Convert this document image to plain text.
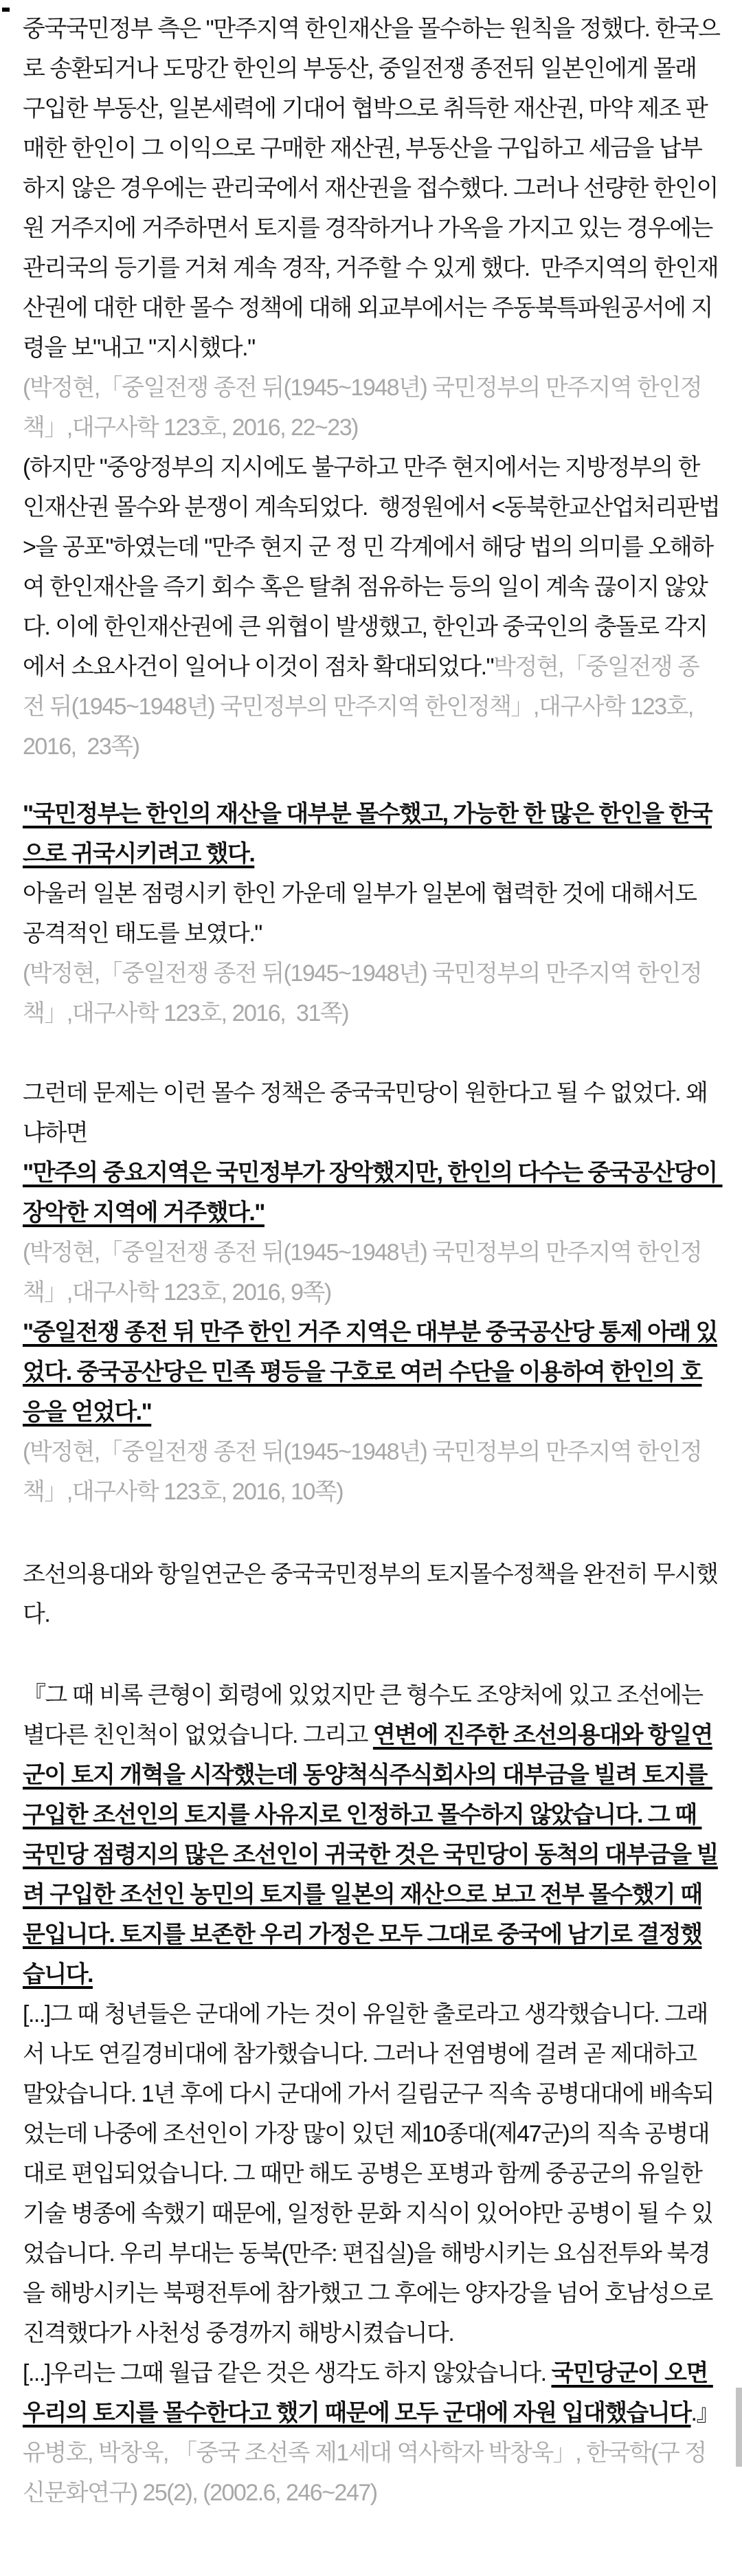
중국국민정부 측은 "만주지역 한인재산을 몰수하는 원칙을 정했다. 한국으로 송환되거나 도망간 한인의 부동산, 중일전쟁 종전뒤 일본인에게 몰래 구입한 부동산, 일본세력에 기대어 협박으로 취득한 재산권, 마약 제조 판매한 한인이 그 이익으로 구매한 재산권, 부동산을 구입하고 세금을 납부하지 않은 경우에는 관리국에서 재산권을 접수했다. 그러나 선량한 한인이 원 거주지에 거주하면서 토지를 경작하거나 가옥을 가지고 있는 경우에는 관리국의 등기를 거쳐 계속 경작, 거주할 수 있게 했다.  만주지역의 한인재산권에 대한 대한 몰수 정책에 대해 외교부에서는 주동북특파원공서에 지령을 보"내고 "지시했다."

(박정현,「중일전쟁 종전 뒤(1945~1948년) 국민정부의 만주지역 한인정책」,대구사학 123호, 2016, 22~23)

(하지만 "중앙정부의 지시에도 불구하고 만주 현지에서는 지방정부의 한인재산권 몰수와 분쟁이 계속되었다.  행정원에서 <동북한교산업처리판법>을 공포"하였는데 "만주 현지 군 정 민 각계에서 해당 법의 의미를 오해하여 한인재산을 즉기 회수 혹은 탈취 점유하는 등의 일이 계속 끊이지 않았다. 이에 한인재산권에 큰 위협이 발생했고, 한인과 중국인의 충돌로 각지에서 소요사건이 일어나 이것이 점차 확대되었다."박정현,「중일전쟁 종전 뒤(1945~1948년) 국민정부의 만주지역 한인정책」,대구사학 123호, 2016,  23쪽)

"국민정부는 한인의 재산을 대부분 몰수했고, 가능한 한 많은 한인을 한국으로 귀국시키려고 했다.

아울러 일본 점령시키 한인 가운데 일부가 일본에 협력한 것에 대해서도 공격적인 태도를 보였다."

(박정현,「중일전쟁 종전 뒤(1945~1948년) 국민정부의 만주지역 한인정책」,대구사학 123호, 2016,  31쪽)

그런데 문제는 이런 몰수 정책은 중국국민당이 원한다고 될 수 없었다. 왜냐하면

"만주의 중요지역은 국민정부가 장악했지만, 한인의 다수는 중국공산당이 장악한 지역에 거주했다."

(박정현,「중일전쟁 종전 뒤(1945~1948년) 국민정부의 만주지역 한인정책」,대구사학 123호, 2016, 9쪽)

"중일전쟁 종전 뒤 만주 한인 거주 지역은 대부분 중국공산당 통제 아래 있었다. 중국공산당은 민족 평등을 구호로 여러 수단을 이용하여 한인의 호응을 얻었다."

(박정현,「중일전쟁 종전 뒤(1945~1948년) 국민정부의 만주지역 한인정책」,대구사학 123호, 2016, 10쪽)

조선의용대와 항일연군은 중국국민정부의 토지몰수정책을 완전히 무시했다.

『그 때 비록 큰형이 회령에 있었지만 큰 형수도 조양처에 있고 조선에는 별다른 친인척이 없었습니다. 그리고 연변에 진주한 조선의용대와 항일연군이 토지 개혁을 시작했는데 동양척식주식회사의 대부금을 빌려 토지를 구입한 조선인의 토지를 사유지로 인정하고 몰수하지 않았습니다. 그 때 국민당 점령지의 많은 조선인이 귀국한 것은 국민당이 동척의 대부금을 빌려 구입한 조선인 농민의 토지를 일본의 재산으로 보고 전부 몰수했기 때문입니다. 토지를 보존한 우리 가정은 모두 그대로 중국에 남기로 결정했습니다.

[...]그 때 청년들은 군대에 가는 것이 유일한 출로라고 생각했습니다. 그래서 나도 연길경비대에 참가했습니다. 그러나 전염병에 걸려 곧 제대하고 말았습니다. 1년 후에 다시 군대에 가서 길림군구 직속 공병대대에 배속되었는데 나중에 조선인이 가장 많이 있던 제10종대(제47군)의 직속 공병대대로 편입되었습니다. 그 때만 해도 공병은 포병과 함께 중공군의 유일한 기술 병종에 속했기 때문에, 일정한 문화 지식이 있어야만 공병이 될 수 있었습니다. 우리 부대는 동북(만주: 편집실)을 해방시키는 요심전투와 북경을 해방시키는 북평전투에 참가했고 그 후에는 양자강을 넘어 호남성으로 진격했다가 사천성 중경까지 해방시켰습니다.

[...]우리는 그때 월급 같은 것은 생각도 하지 않았습니다. 국민당군이 오면 우리의 토지를 몰수한다고 했기 때문에 모두 군대에 자원 입대했습니다.』

유병호, 박창욱, 「중국 조선족 제1세대 역사학자 박창욱」, 한국학(구 정신문화연구) 25(2), (2002.6, 246~247)
